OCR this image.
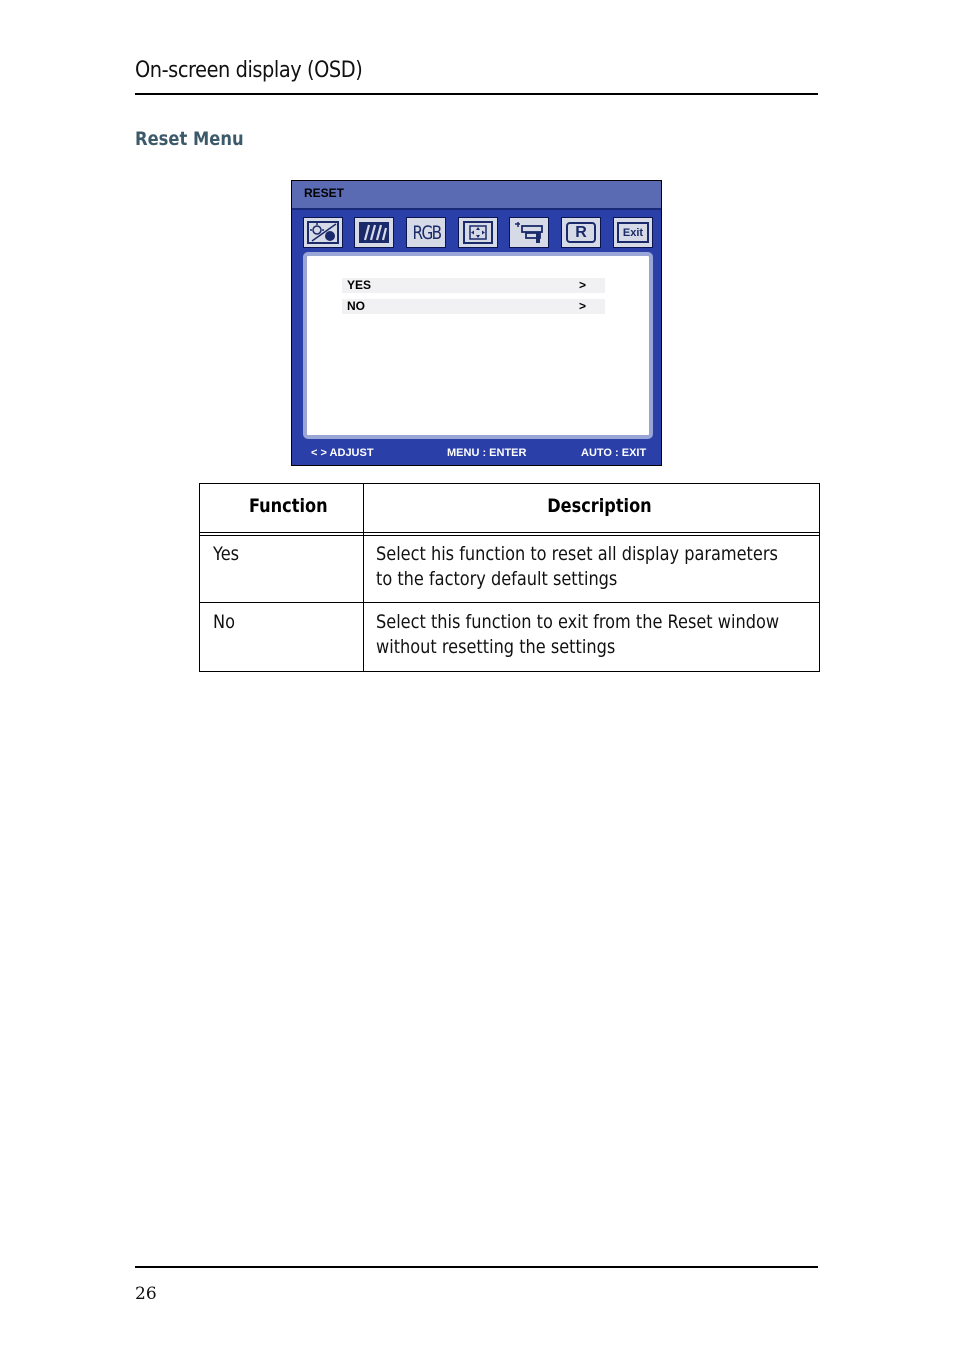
On-screen display (OSD)
Reset Menu
RESET
RGB	R	Exit
YES	>
NO	>
< > ADJUST	MENU : ENTER	AUTO : EXIT
Function	Description
Yes	Select his function to reset all display parameters
to the factory default settings
No	Select this function to exit from the Reset window
without resetting the settings
26
